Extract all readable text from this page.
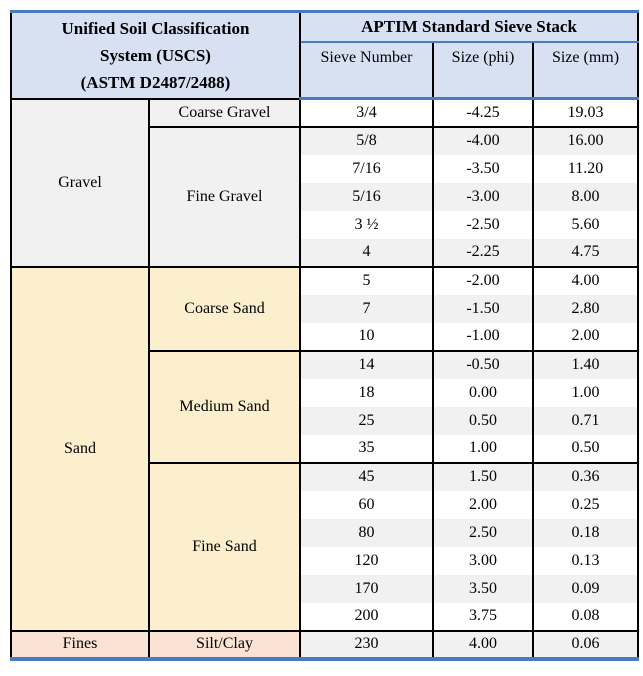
Unified Soil Classification
System (USCS)
(ASTM D2487/2488)		APTIM Standard Sieve Stack		
		Sieve Number	Size (phi)	Size (mm)
Gravel	Coarse Gravel	3/4	-4.25	19.03
	Fine Gravel	5/8	-4.00	16.00
		7/16	-3.50	11.20
		5/16	-3.00	8.00
		3 ½	-2.50	5.60
		4	-2.25	4.75
Sand	Coarse Sand	5	-2.00	4.00
		7	-1.50	2.80
		10	-1.00	2.00
	Medium Sand	14	-0.50	1.40
		18	0.00	1.00
		25	0.50	0.71
		35	1.00	0.50
	Fine Sand	45	1.50	0.36
		60	2.00	0.25
		80	2.50	0.18
		120	3.00	0.13
		170	3.50	0.09
		200	3.75	0.08
Fines	Silt/Clay	230	4.00	0.06
